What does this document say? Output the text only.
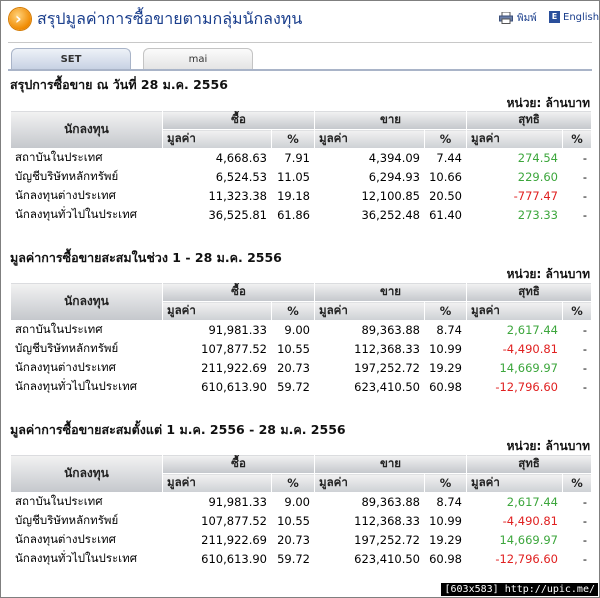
› สรุปมูลค่าการซื้อขายตามกลุ่มนักลงทุน	พิมพ์	E English
SET	mai
สรุปการซื้อขาย ณ วันที่ 28 ม.ค. 2556
หน่วย: ล้านบาท
นักลงทุน	ซื้อ		ขาย		สุทธิ	
	มูลค่า	%	มูลค่า	%	มูลค่า	%
สถาบันในประเทศ	4,668.63	7.91	4,394.09	7.44	274.54	-
บัญชีบริษัทหลักทรัพย์	6,524.53	11.05	6,294.93	10.66	229.60	-
นักลงทุนต่างประเทศ	11,323.38	19.18	12,100.85	20.50	-777.47	-
นักลงทุนทั่วไปในประเทศ	36,525.81	61.86	36,252.48	61.40	273.33	-
มูลค่าการซื้อขายสะสมในช่วง 1 - 28 ม.ค. 2556
หน่วย: ล้านบาท
นักลงทุน	ซื้อ		ขาย		สุทธิ	
	มูลค่า	%	มูลค่า	%	มูลค่า	%
สถาบันในประเทศ	91,981.33	9.00	89,363.88	8.74	2,617.44	-
บัญชีบริษัทหลักทรัพย์	107,877.52	10.55	112,368.33	10.99	-4,490.81	-
นักลงทุนต่างประเทศ	211,922.69	20.73	197,252.72	19.29	14,669.97	-
นักลงทุนทั่วไปในประเทศ	610,613.90	59.72	623,410.50	60.98	-12,796.60	-
มูลค่าการซื้อขายสะสมตั้งแต่ 1 ม.ค. 2556 - 28 ม.ค. 2556
หน่วย: ล้านบาท
นักลงทุน	ซื้อ		ขาย		สุทธิ	
	มูลค่า	%	มูลค่า	%	มูลค่า	%
สถาบันในประเทศ	91,981.33	9.00	89,363.88	8.74	2,617.44	-
บัญชีบริษัทหลักทรัพย์	107,877.52	10.55	112,368.33	10.99	-4,490.81	-
นักลงทุนต่างประเทศ	211,922.69	20.73	197,252.72	19.29	14,669.97	-
นักลงทุนทั่วไปในประเทศ	610,613.90	59.72	623,410.50	60.98	-12,796.60	-
[603x583] http://upic.me/
